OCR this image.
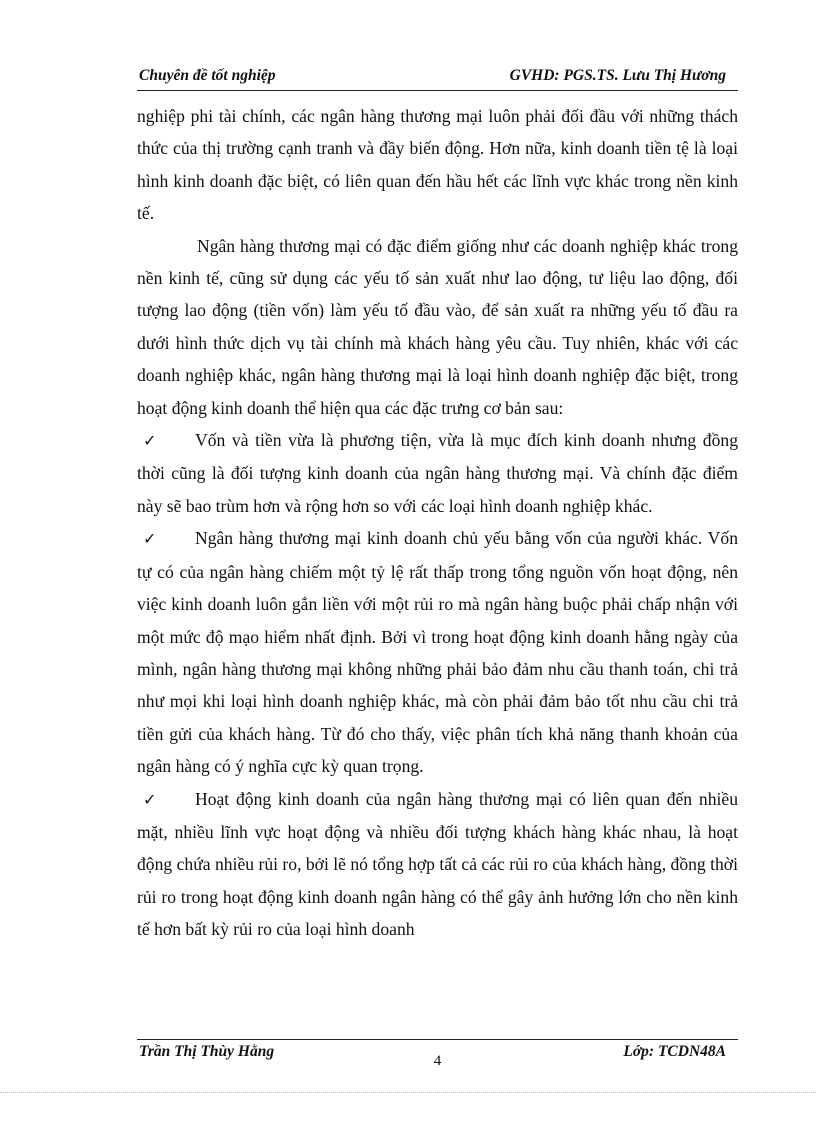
Chuyên đề tốt nghiệp	GVHD: PGS.TS. Lưu Thị Hương

nghiệp phi tài chính, các ngân hàng thương mại luôn phải đối đầu với những thách thức của thị trường cạnh tranh và đầy biến động. Hơn nữa, kinh doanh tiền tệ là loại hình kinh doanh đặc biệt, có liên quan đến hầu hết các lĩnh vực khác trong nền kinh tế.

Ngân hàng thương mại có đặc điểm giống như các doanh nghiệp khác trong nền kinh tế, cũng sử dụng các yếu tố sản xuất như lao động, tư liệu lao động, đối tượng lao động (tiền vốn) làm yếu tố đầu vào, để sản xuất ra những yếu tố đầu ra dưới hình thức dịch vụ tài chính mà khách hàng yêu cầu. Tuy nhiên, khác với các doanh nghiệp khác, ngân hàng thương mại là loại hình doanh nghiệp đặc biệt, trong hoạt động kinh doanh thể hiện qua các đặc trưng cơ bản sau:

✓ Vốn và tiền vừa là phương tiện, vừa là mục đích kinh doanh nhưng đồng thời cũng là đối tượng kinh doanh của ngân hàng thương mại. Và chính đặc điểm này sẽ bao trùm hơn và rộng hơn so với các loại hình doanh nghiệp khác.

✓ Ngân hàng thương mại kinh doanh chủ yếu bằng vốn của người khác. Vốn tự có của ngân hàng chiếm một tỷ lệ rất thấp trong tổng nguồn vốn hoạt động, nên việc kinh doanh luôn gắn liền với một rủi ro mà ngân hàng buộc phải chấp nhận với một mức độ mạo hiểm nhất định. Bởi vì trong hoạt động kinh doanh hằng ngày của mình, ngân hàng thương mại không những phải bảo đảm nhu cầu thanh toán, chi trả như mọi khi loại hình doanh nghiệp khác, mà còn phải đảm bảo tốt nhu cầu chi trả tiền gửi của khách hàng. Từ đó cho thấy, việc phân tích khả năng thanh khoản của ngân hàng có ý nghĩa cực kỳ quan trọng.

✓ Hoạt động kinh doanh của ngân hàng thương mại có liên quan đến nhiều mặt, nhiều lĩnh vực hoạt động và nhiều đối tượng khách hàng khác nhau, là hoạt động chứa nhiều rủi ro, bởi lẽ nó tổng hợp tất cả các rủi ro của khách hàng, đồng thời rủi ro trong hoạt động kinh doanh ngân hàng có thể gây ảnh hưởng lớn cho nền kinh tế hơn bất kỳ rủi ro của loại hình doanh

Trần Thị Thùy Hằng
4
Lớp: TCDN48A
